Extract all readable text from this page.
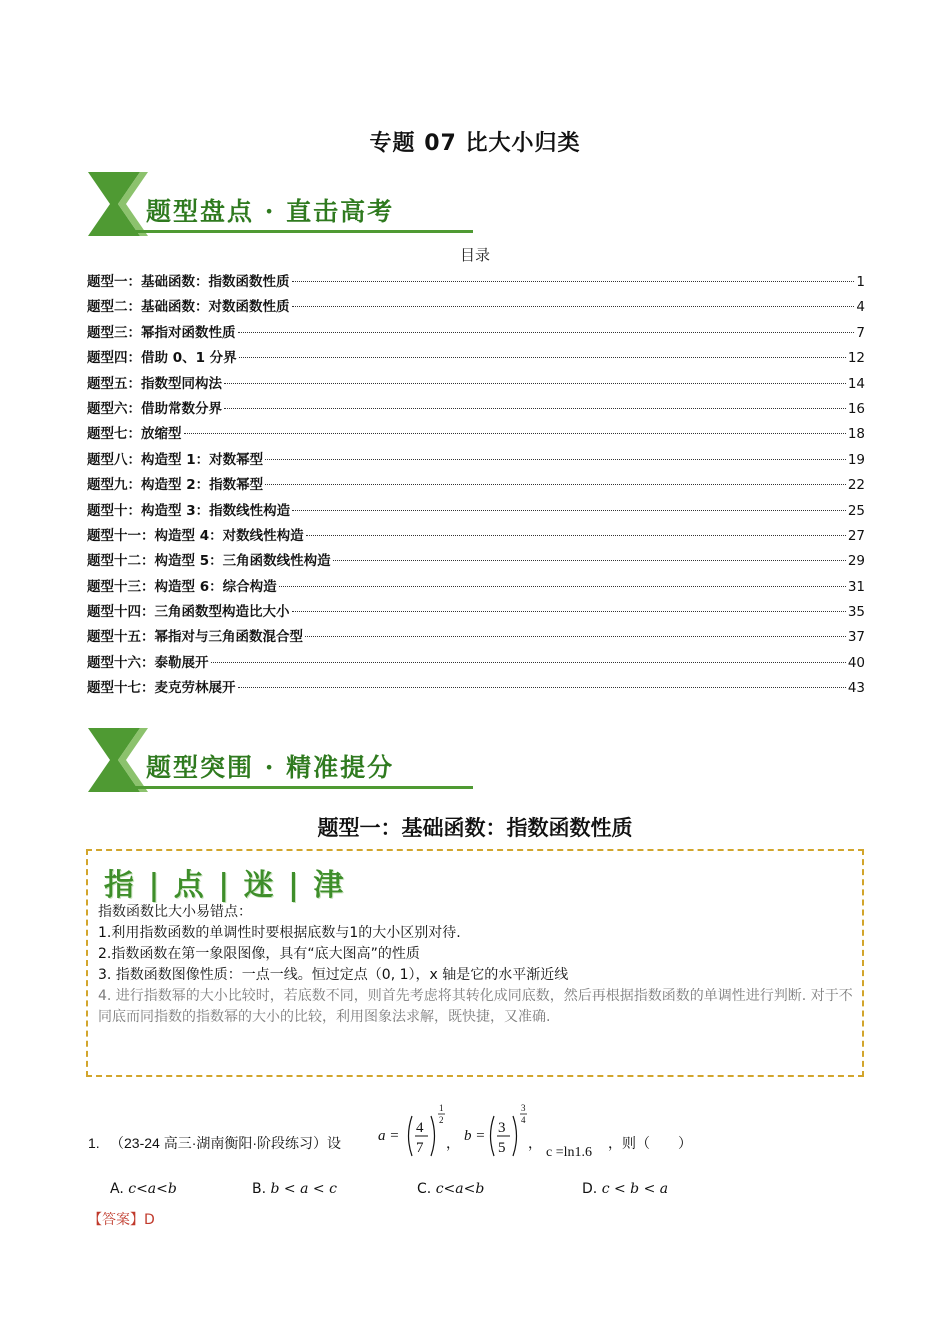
专题 07 比大小归类
题型盘点 · 直击高考
目录
题型一：基础函数：指数函数性质	1
题型二：基础函数：对数函数性质	4
题型三：幂指对函数性质	7
题型四：借助 0、1 分界	12
题型五：指数型同构法	14
题型六：借助常数分界	16
题型七：放缩型	18
题型八：构造型 1：对数幂型	19
题型九：构造型 2：指数幂型	22
题型十：构造型 3：指数线性构造	25
题型十一：构造型 4：对数线性构造	27
题型十二：构造型 5：三角函数线性构造	29
题型十三：构造型 6：综合构造	31
题型十四：三角函数型构造比大小	35
题型十五：幂指对与三角函数混合型	37
题型十六：泰勒展开	40
题型十七：麦克劳林展开	43
题型突围 · 精准提分
题型一：基础函数：指数函数性质
指 | 点 | 迷 | 津
指数函数比大小易错点：
1.利用指数函数的单调性时要根据底数与1的大小区别对待.
2.指数函数在第一象限图像，具有“底大图高”的性质
3. 指数函数图像性质：一点一线。恒过定点（0, 1），x 轴是它的水平渐近线
4. 进行指数幂的大小比较时，若底数不同，则首先考虑将其转化成同底数，然后再根据指数函数的单调性进行判断. 对于不同底而同指数的指数幂的大小的比较，利用图象法求解，既快捷，又准确.
1. （23-24 高三·湖南衡阳·阶段练习）设 a = 4
7
1
2
，
b = 3
5
3
4
，
c =ln1.6
，则（　　）
A. c<a<b	B. b < a < c	C. c<a<b	D. c < b < a
【答案】D
